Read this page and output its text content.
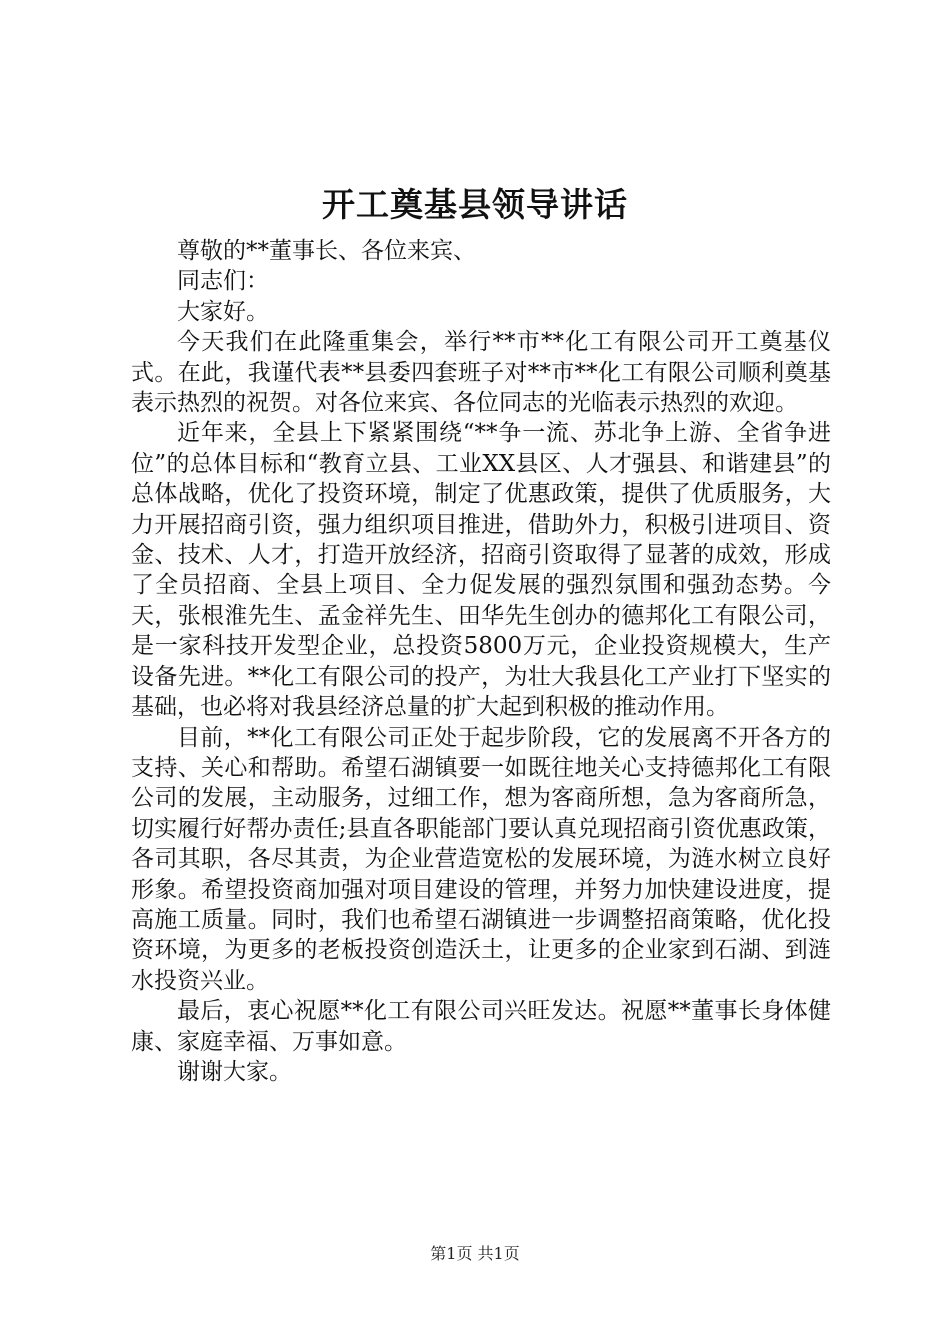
开工奠基县领导讲话

尊敬的**董事长、各位来宾、

同志们：

大家好。

今天我们在此隆重集会，举行**市**化工有限公司开工奠基仪式。在此，我谨代表**县委四套班子对**市**化工有限公司顺利奠基表示热烈的祝贺。对各位来宾、各位同志的光临表示热烈的欢迎。

近年来，全县上下紧紧围绕“**争一流、苏北争上游、全省争进位”的总体目标和“教育立县、工业XX县区、人才强县、和谐建县”的总体战略，优化了投资环境，制定了优惠政策，提供了优质服务，大力开展招商引资，强力组织项目推进，借助外力，积极引进项目、资金、技术、人才，打造开放经济，招商引资取得了显著的成效，形成了全员招商、全县上项目、全力促发展的强烈氛围和强劲态势。今天，张根淮先生、孟金祥先生、田华先生创办的德邦化工有限公司，是一家科技开发型企业，总投资5800万元，企业投资规模大，生产设备先进。**化工有限公司的投产，为壮大我县化工产业打下坚实的基础，也必将对我县经济总量的扩大起到积极的推动作用。

目前，**化工有限公司正处于起步阶段，它的发展离不开各方的支持、关心和帮助。希望石湖镇要一如既往地关心支持德邦化工有限公司的发展，主动服务，过细工作，想为客商所想，急为客商所急，切实履行好帮办责任;县直各职能部门要认真兑现招商引资优惠政策，各司其职，各尽其责，为企业营造宽松的发展环境，为涟水树立良好形象。希望投资商加强对项目建设的管理，并努力加快建设进度，提高施工质量。同时，我们也希望石湖镇进一步调整招商策略，优化投资环境，为更多的老板投资创造沃土，让更多的企业家到石湖、到涟水投资兴业。

最后，衷心祝愿**化工有限公司兴旺发达。祝愿**董事长身体健康、家庭幸福、万事如意。

谢谢大家。

第1页 共1页
